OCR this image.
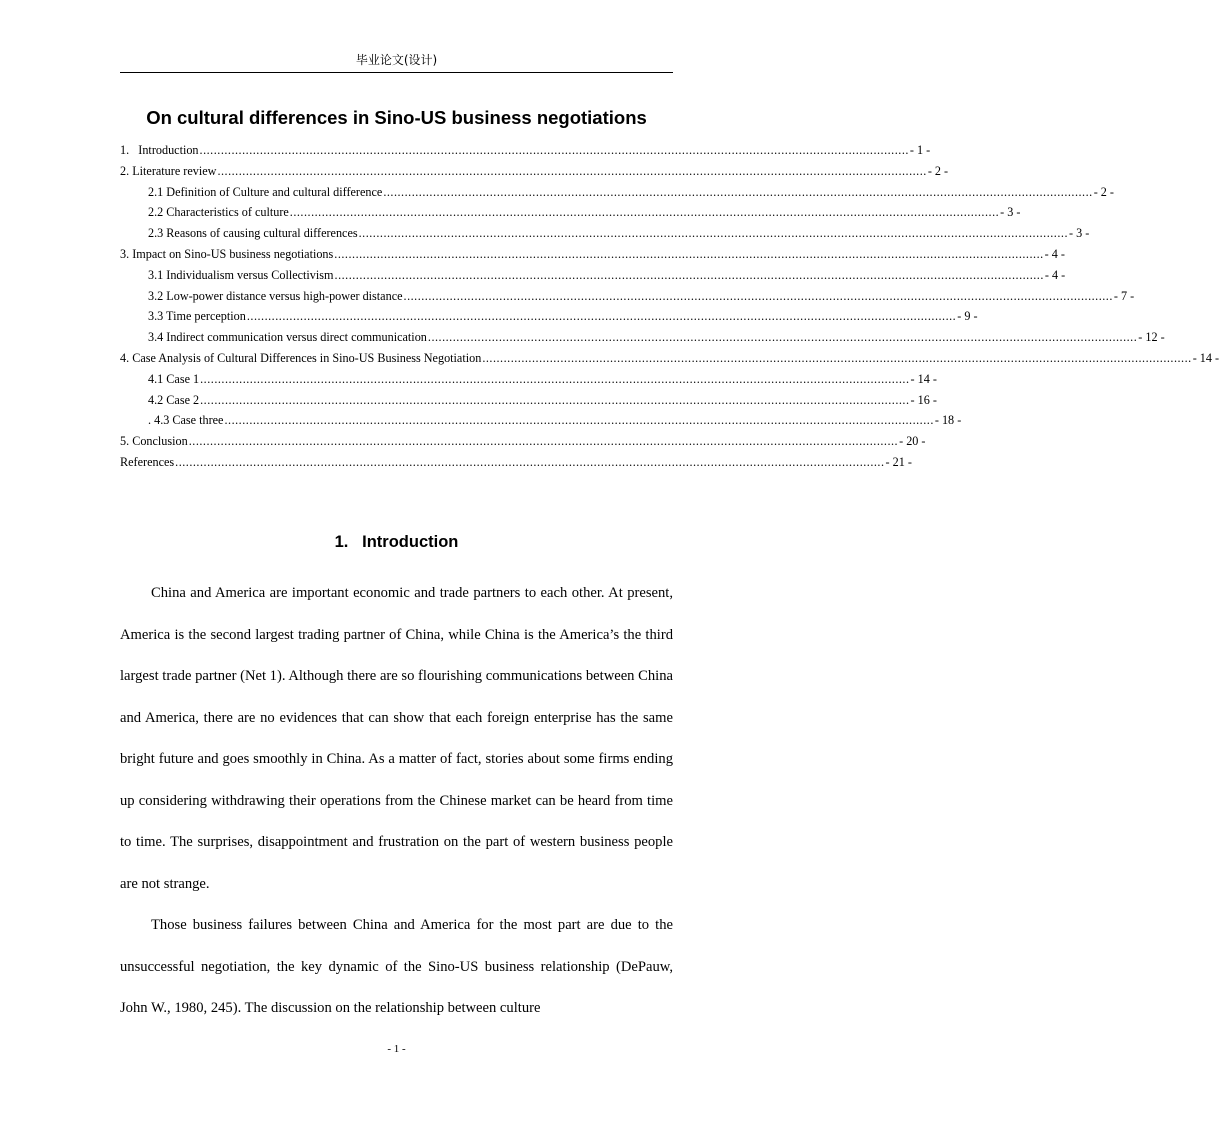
毕业论文(设计)
On cultural differences in Sino-US business negotiations
1.   Introduction ........................................................................................................................................................................................................ - 1 -
2. Literature review ........................................................................................................................................................................................................ - 2 -
2.1 Definition of Culture and cultural difference ........................................................................................................................................................................................................ - 2 -
2.2 Characteristics of culture ........................................................................................................................................................................................................ - 3 -
2.3 Reasons of causing cultural differences ........................................................................................................................................................................................................ - 3 -
3. Impact on Sino-US business negotiations ........................................................................................................................................................................................................ - 4 -
3.1 Individualism versus Collectivism ........................................................................................................................................................................................................ - 4 -
3.2 Low-power distance versus high-power distance ........................................................................................................................................................................................................ - 7 -
3.3 Time perception ........................................................................................................................................................................................................ - 9 -
3.4 Indirect communication versus direct communication ........................................................................................................................................................................................................ - 12 -
4. Case Analysis of Cultural Differences in Sino-US Business Negotiation ........................................................................................................................................................................................................ - 14 -
4.1 Case 1 ........................................................................................................................................................................................................ - 14 -
4.2 Case 2 ........................................................................................................................................................................................................ - 16 -
. 4.3 Case three ........................................................................................................................................................................................................ - 18 -
5. Conclusion ........................................................................................................................................................................................................ - 20 -
References ........................................................................................................................................................................................................ - 21 -
1.   Introduction

China and America are important economic and trade partners to each other. At present, America is the second largest trading partner of China, while China is the America’s the third largest trade partner (Net 1). Although there are so flourishing communications between China and America, there are no evidences that can show that each foreign enterprise has the same bright future and goes smoothly in China. As a matter of fact, stories about some firms ending up considering withdrawing their operations from the Chinese market can be heard from time to time. The surprises, disappointment and frustration on the part of western business people are not strange.

Those business failures between China and America for the most part are due to the unsuccessful negotiation, the key dynamic of the Sino-US business relationship (DePauw, John W., 1980, 245). The discussion on the relationship between culture

- 1 -
